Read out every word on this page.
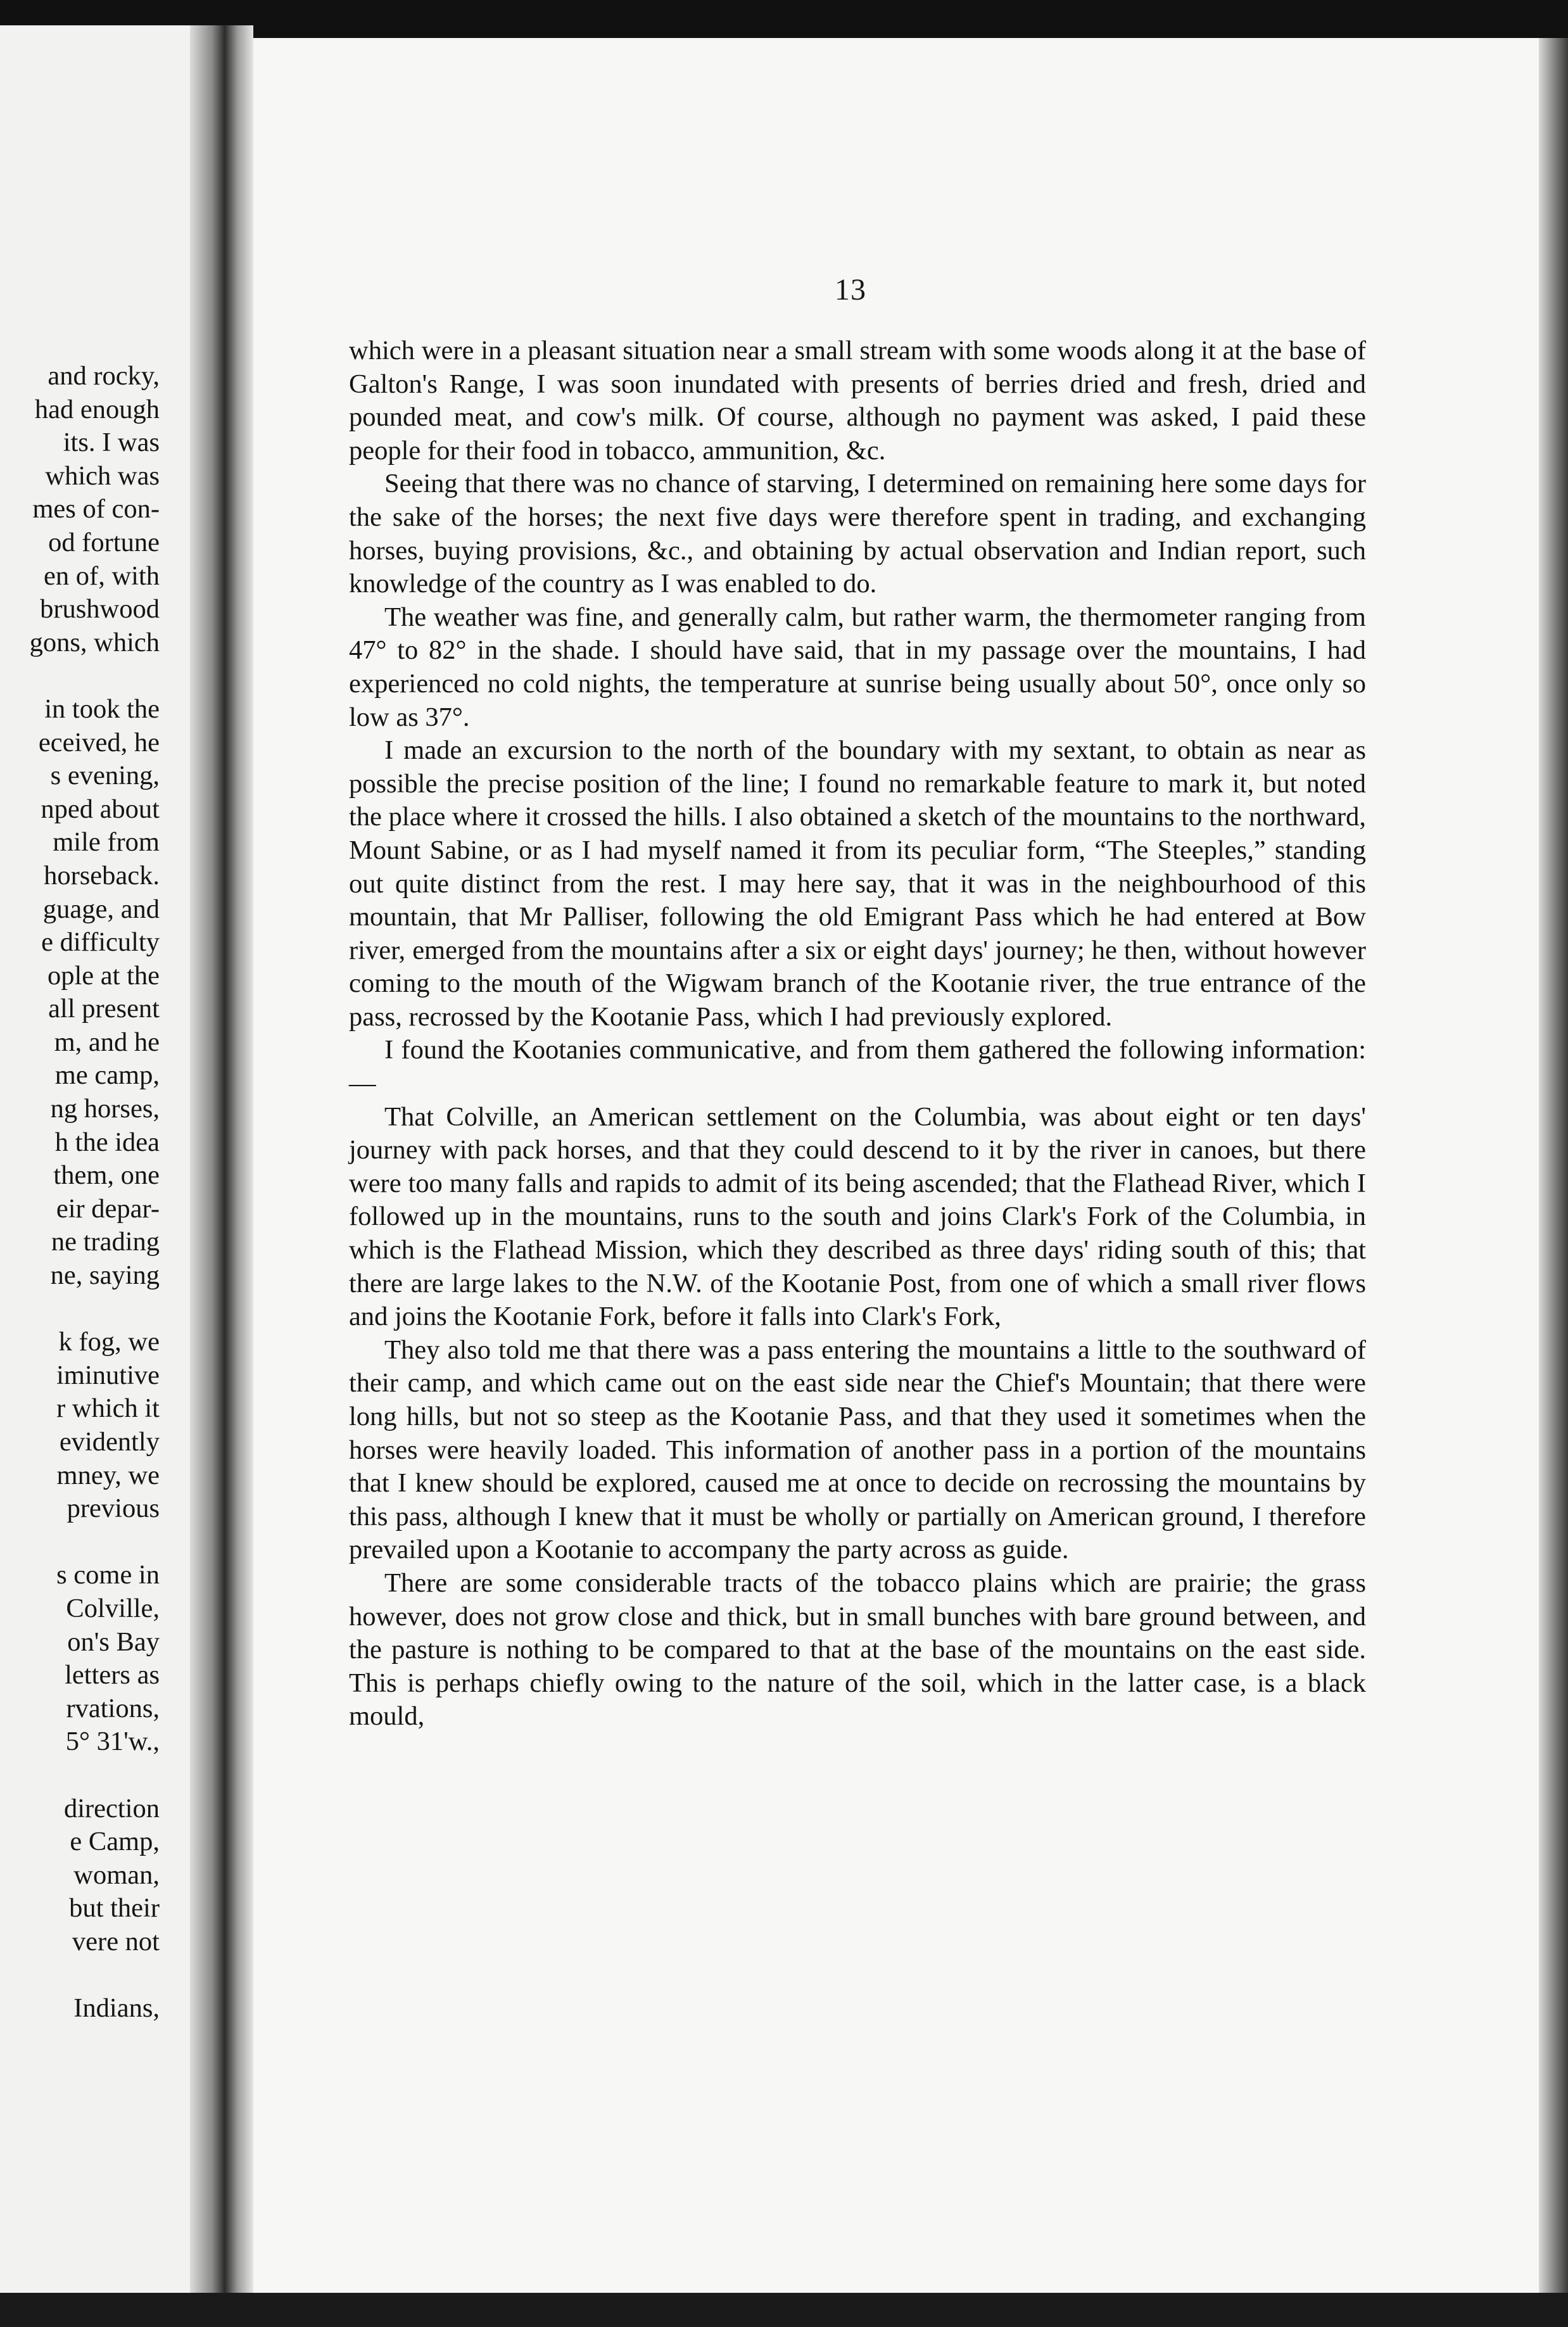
and rocky,
had enough
its. I was
which was
mes of con-
od fortune
en of, with
brushwood
gons, which
in took the
eceived, he
s evening,
nped about
mile from
horseback.
guage, and
e difficulty
ople at the
all present
m, and he
me camp,
ng horses,
h the idea
them, one
eir depar-
ne trading
ne, saying
k fog, we
iminutive
r which it
evidently
mney, we
previous
s come in
Colville,
on's Bay
letters as
rvations,
5° 31'w.,
direction
e Camp,
woman,
but their
vere not
Indians,
13

which were in a pleasant situation near a small stream with some woods along it at the base of Galton's Range, I was soon inundated with presents of berries dried and fresh, dried and pounded meat, and cow's milk. Of course, although no payment was asked, I paid these people for their food in tobacco, ammunition, &c.

Seeing that there was no chance of starving, I determined on remaining here some days for the sake of the horses; the next five days were therefore spent in trading, and exchanging horses, buying provisions, &c., and obtaining by actual observation and Indian report, such knowledge of the country as I was enabled to do.

The weather was fine, and generally calm, but rather warm, the thermometer ranging from 47° to 82° in the shade. I should have said, that in my passage over the mountains, I had experienced no cold nights, the temperature at sunrise being usually about 50°, once only so low as 37°.

I made an excursion to the north of the boundary with my sextant, to obtain as near as possible the precise position of the line; I found no remarkable feature to mark it, but noted the place where it crossed the hills. I also obtained a sketch of the mountains to the northward, Mount Sabine, or as I had myself named it from its peculiar form, “The Steeples,” standing out quite distinct from the rest. I may here say, that it was in the neighbourhood of this mountain, that Mr Palliser, following the old Emigrant Pass which he had entered at Bow river, emerged from the mountains after a six or eight days' journey; he then, without however coming to the mouth of the Wigwam branch of the Kootanie river, the true entrance of the pass, recrossed by the Kootanie Pass, which I had previously explored.

I found the Kootanies communicative, and from them gathered the following information:—

That Colville, an American settlement on the Columbia, was about eight or ten days' journey with pack horses, and that they could descend to it by the river in canoes, but there were too many falls and rapids to admit of its being ascended; that the Flathead River, which I followed up in the mountains, runs to the south and joins Clark's Fork of the Columbia, in which is the Flathead Mission, which they described as three days' riding south of this; that there are large lakes to the N.W. of the Kootanie Post, from one of which a small river flows and joins the Kootanie Fork, before it falls into Clark's Fork,

They also told me that there was a pass entering the mountains a little to the southward of their camp, and which came out on the east side near the Chief's Mountain; that there were long hills, but not so steep as the Kootanie Pass, and that they used it sometimes when the horses were heavily loaded. This information of another pass in a portion of the mountains that I knew should be explored, caused me at once to decide on recrossing the mountains by this pass, although I knew that it must be wholly or partially on American ground, I therefore prevailed upon a Kootanie to accompany the party across as guide.

There are some considerable tracts of the tobacco plains which are prairie; the grass however, does not grow close and thick, but in small bunches with bare ground between, and the pasture is nothing to be compared to that at the base of the mountains on the east side. This is perhaps chiefly owing to the nature of the soil, which in the latter case, is a black mould,
